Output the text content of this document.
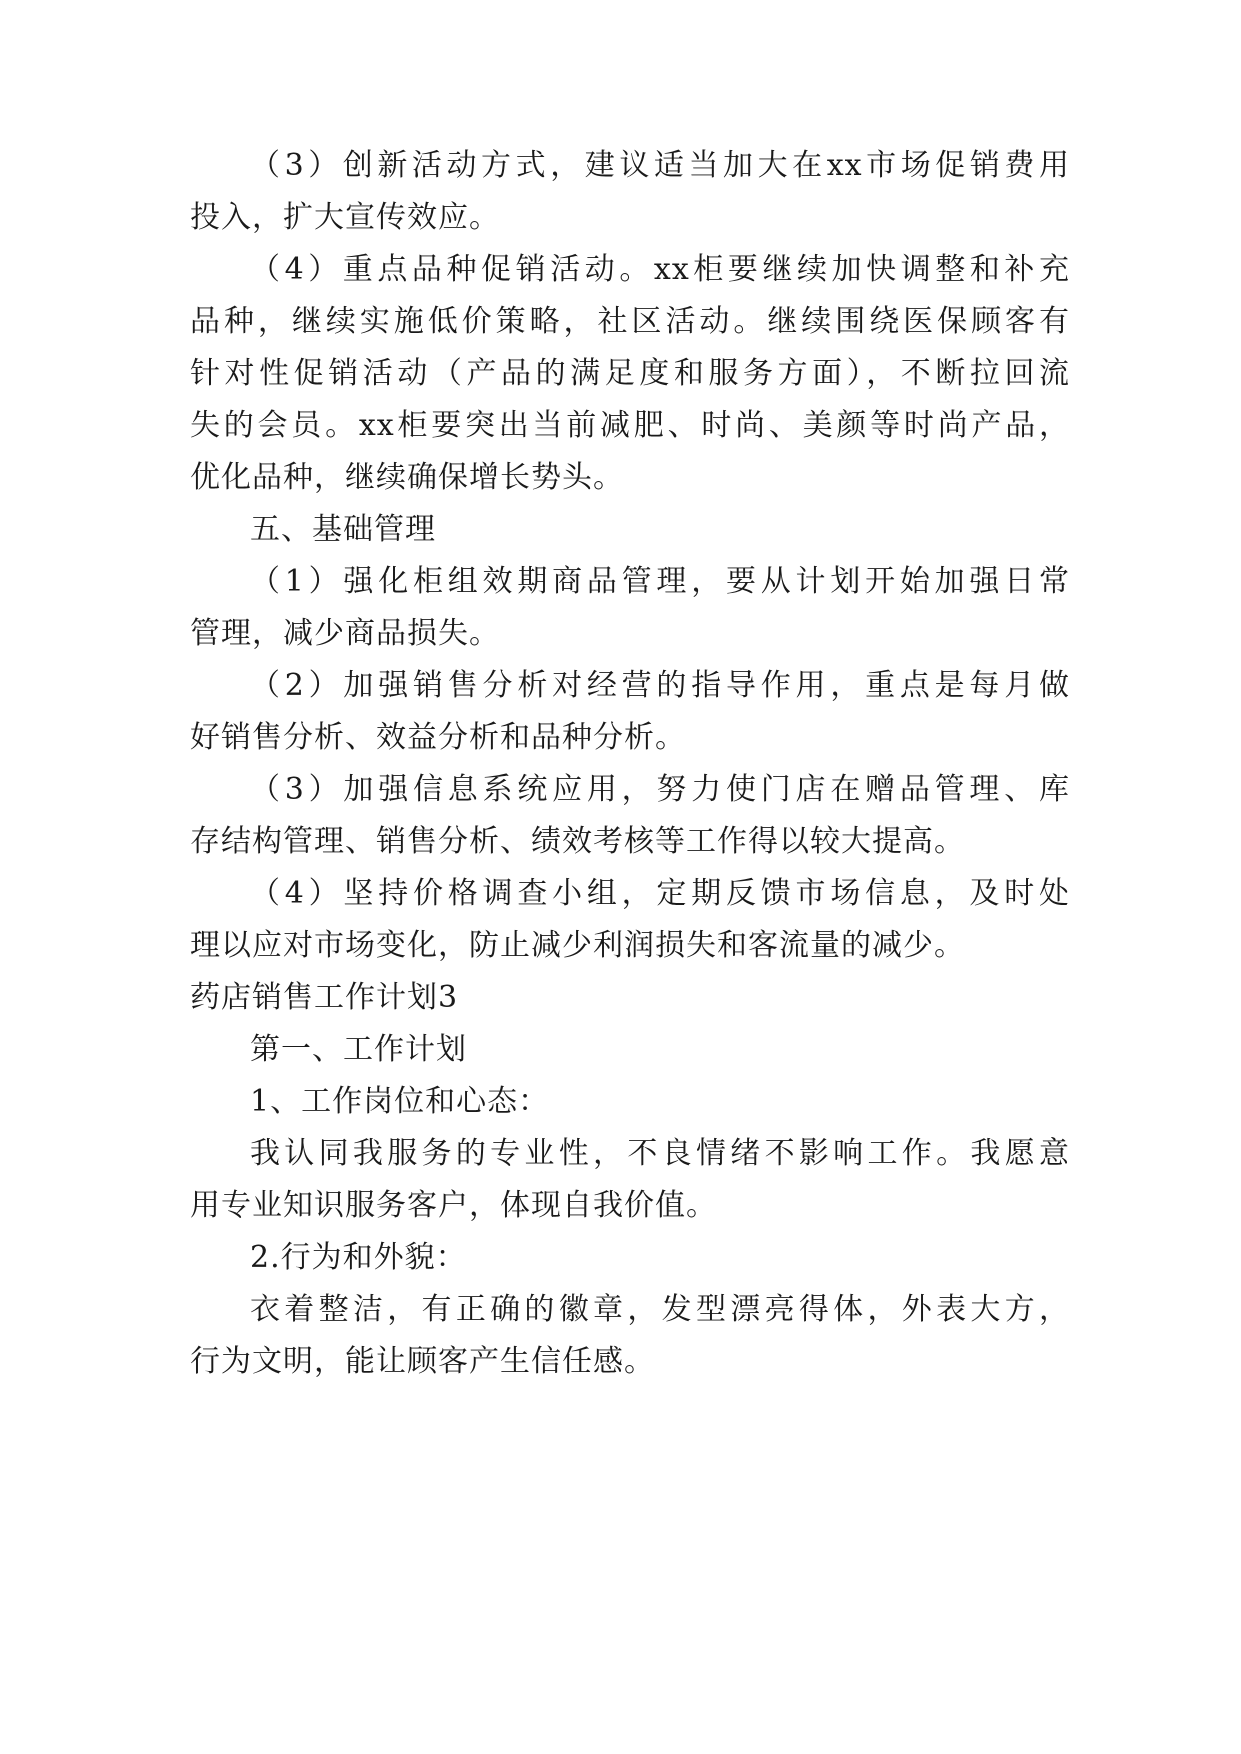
（3）创新活动方式，建议适当加大在xx市场促销费用
投入，扩大宣传效应。
（4）重点品种促销活动。xx柜要继续加快调整和补充
品种，继续实施低价策略，社区活动。继续围绕医保顾客有
针对性促销活动（产品的满足度和服务方面），不断拉回流
失的会员。xx柜要突出当前减肥、时尚、美颜等时尚产品，
优化品种，继续确保增长势头。
五、基础管理
（1）强化柜组效期商品管理，要从计划开始加强日常
管理，减少商品损失。
（2）加强销售分析对经营的指导作用，重点是每月做
好销售分析、效益分析和品种分析。
（3）加强信息系统应用，努力使门店在赠品管理、库
存结构管理、销售分析、绩效考核等工作得以较大提高。
（4）坚持价格调查小组，定期反馈市场信息，及时处
理以应对市场变化，防止减少利润损失和客流量的减少。
药店销售工作计划3
第一、工作计划
1、工作岗位和心态：
我认同我服务的专业性，不良情绪不影响工作。我愿意
用专业知识服务客户，体现自我价值。
2.行为和外貌：
衣着整洁，有正确的徽章，发型漂亮得体，外表大方，
行为文明，能让顾客产生信任感。
